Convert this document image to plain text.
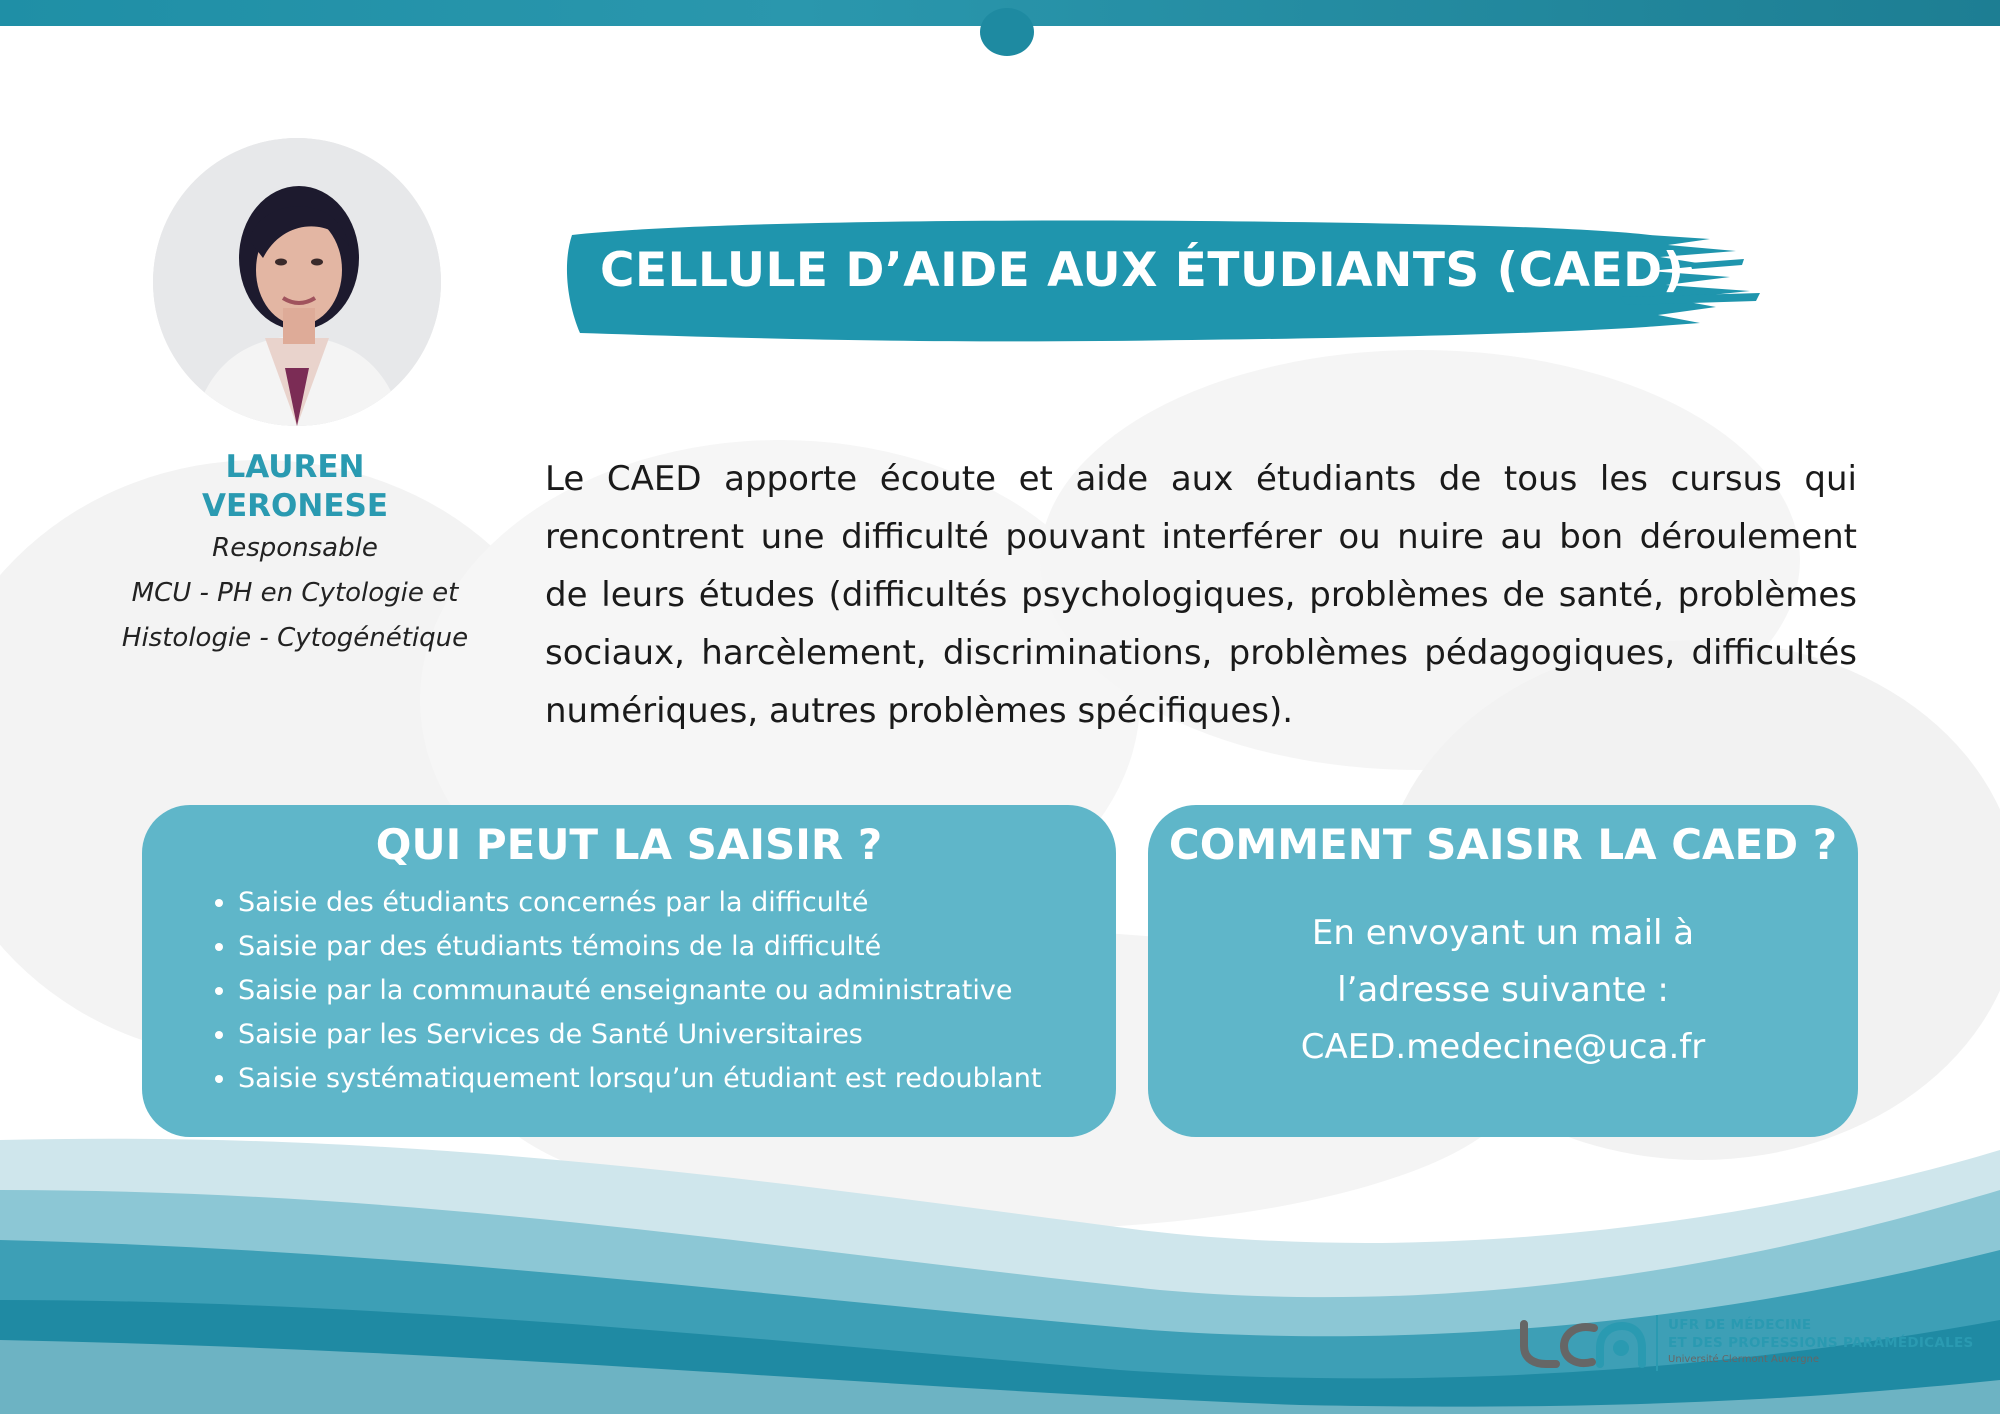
LAUREN VERONESE
Responsable
MCU - PH en Cytologie et Histologie - Cytogénétique
CELLULE D’AIDE AUX ÉTUDIANTS (CAED)
Le CAED apporte écoute et aide aux étudiants de tous les cursus qui rencontrent une difficulté pouvant interférer ou nuire au bon déroulement de leurs études (difficultés psychologiques, problèmes de santé, problèmes sociaux, harcèlement, discriminations, problèmes pédagogiques, difficultés numériques, autres problèmes spécifiques).
QUI PEUT LA SAISIR ?
• Saisie des étudiants concernés par la difficulté
• Saisie par des étudiants témoins de la difficulté
• Saisie par la communauté enseignante ou administrative
• Saisie par les Services de Santé Universitaires
• Saisie systématiquement lorsqu’un étudiant est redoublant
COMMENT SAISIR LA CAED ?
En envoyant un mail à
l’adresse suivante :
CAED.medecine@uca.fr
UFR DE MÉDECINE
ET DES PROFESSIONS PARAMÉDICALES
Université Clermont Auvergne
